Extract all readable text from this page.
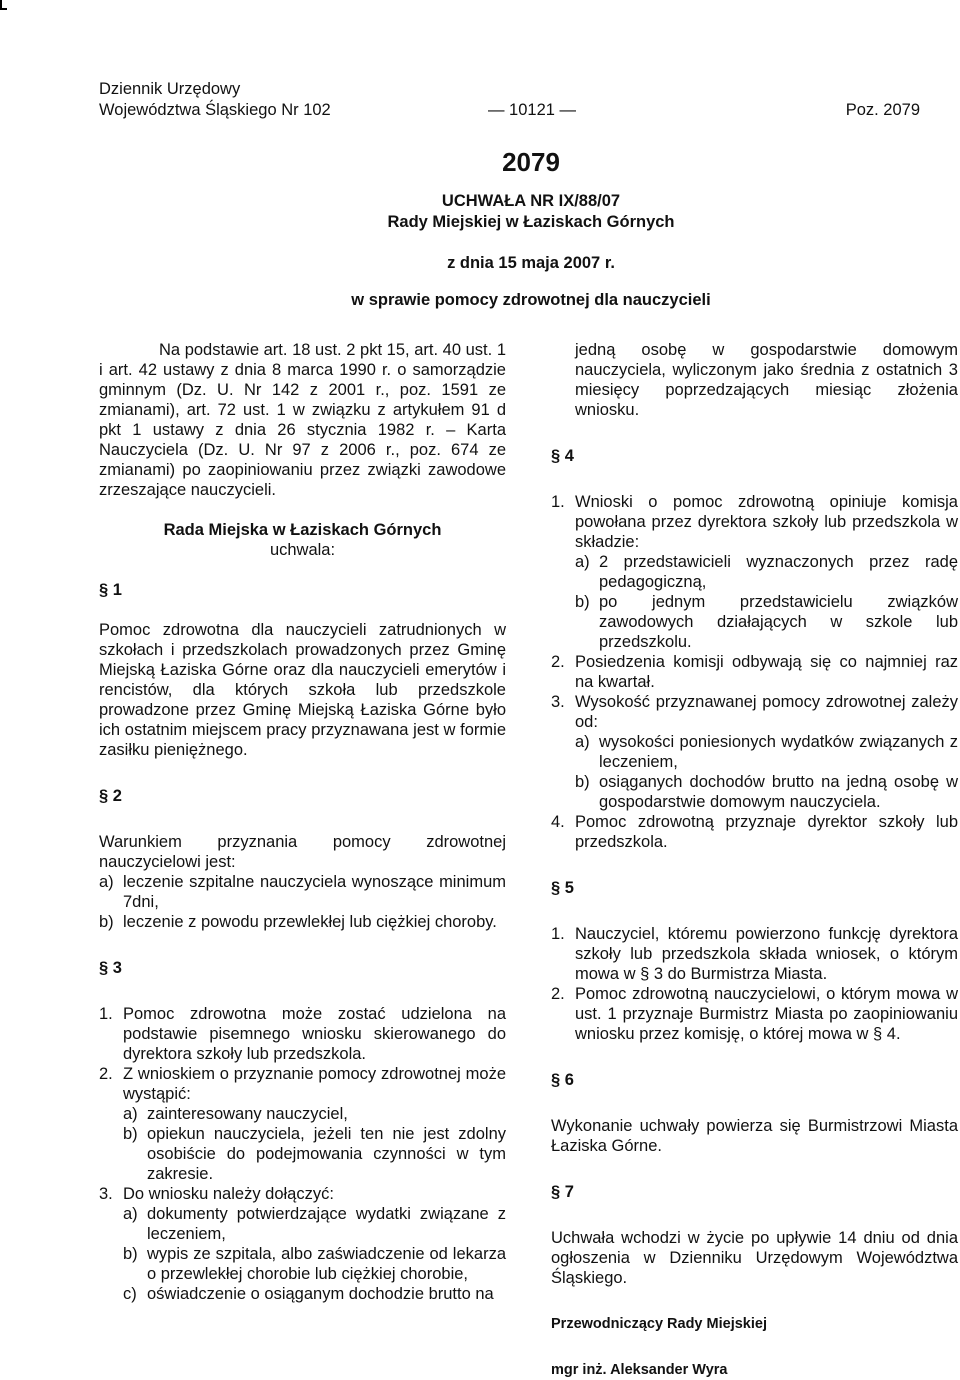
Dziennik Urzędowy
Województwa Śląskiego Nr 102	— 10121 —	Poz. 2079
2079
UCHWAŁA NR IX/88/07
Rady Miejskiej w Łaziskach Górnych
z dnia 15 maja 2007 r.
w sprawie pomocy zdrowotnej dla nauczycieli

Na podstawie art. 18 ust. 2 pkt 15, art. 40 ust. 1 i art. 42 ustawy z dnia 8 marca 1990 r. o samorządzie gminnym (Dz. U. Nr 142 z 2001 r., poz. 1591 ze zmianami), art. 72 ust. 1 w związku z artykułem 91 d pkt 1 ustawy z dnia 26 stycznia 1982 r. – Karta Nauczyciela (Dz. U. Nr 97 z 2006 r., poz. 674 ze zmianami) po zaopiniowaniu przez związki zawodowe zrzeszające nauczycieli.

Rada Miejska w Łaziskach Górnych

uchwala:

§ 1

Pomoc zdrowotna dla nauczycieli zatrudnionych w szkołach i przedszkolach prowadzonych przez Gminę Miejską Łaziska Górne oraz dla nauczycieli emerytów i rencistów, dla których szkoła lub przedszkole prowadzone przez Gminę Miejską Łaziska Górne było ich ostatnim miejscem pracy przyznawana jest w formie zasiłku pieniężnego.

§ 2

Warunkiem przyznania pomocy zdrowotnej nauczycielowi jest:

a) leczenie szpitalne nauczyciela wynoszące minimum 7dni,
b) leczenie z powodu przewlekłej lub ciężkiej choroby.

§ 3

1. Pomoc zdrowotna może zostać udzielona na podstawie pisemnego wniosku skierowanego do dyrektora szkoły lub przedszkola.
2. Z wnioskiem o przyznanie pomocy zdrowotnej może wystąpić:
a) zainteresowany nauczyciel,
b) opiekun nauczyciela, jeżeli ten nie jest zdolny osobiście do podejmowania czynności w tym zakresie.
3. Do wniosku należy dołączyć:
a) dokumenty potwierdzające wydatki związane z leczeniem,
b) wypis ze szpitala, albo zaświadczenie od lekarza o przewlekłej chorobie lub ciężkiej chorobie,
c) oświadczenie o osiąganym dochodzie brutto na

jedną osobę w gospodarstwie domowym nauczyciela, wyliczonym jako średnia z ostatnich 3 miesięcy poprzedzających miesiąc złożenia wniosku.

§ 4

1. Wnioski o pomoc zdrowotną opiniuje komisja powołana przez dyrektora szkoły lub przedszkola w składzie:
a) 2 przedstawicieli wyznaczonych przez radę pedagogiczną,
b) po jednym przedstawicielu związków zawodowych działających w szkole lub przedszkolu.
2. Posiedzenia komisji odbywają się co najmniej raz na kwartał.
3. Wysokość przyznawanej pomocy zdrowotnej zależy od:
a) wysokości poniesionych wydatków związanych z leczeniem,
b) osiąganych dochodów brutto na jedną osobę w gospodarstwie domowym nauczyciela.
4. Pomoc zdrowotną przyznaje dyrektor szkoły lub przedszkola.

§ 5

1. Nauczyciel, któremu powierzono funkcję dyrektora szkoły lub przedszkola składa wniosek, o którym mowa w § 3 do Burmistrza Miasta.
2. Pomoc zdrowotną nauczycielowi, o którym mowa w ust. 1 przyznaje Burmistrz Miasta po zaopiniowaniu wniosku przez komisję, o której mowa w § 4.

§ 6

Wykonanie uchwały powierza się Burmistrzowi Miasta Łaziska Górne.

§ 7

Uchwała wchodzi w życie po upływie 14 dniu od dnia ogłoszenia w Dzienniku Urzędowym Województwa Śląskiego.

Przewodniczący Rady Miejskiej

mgr inż. Aleksander Wyra
